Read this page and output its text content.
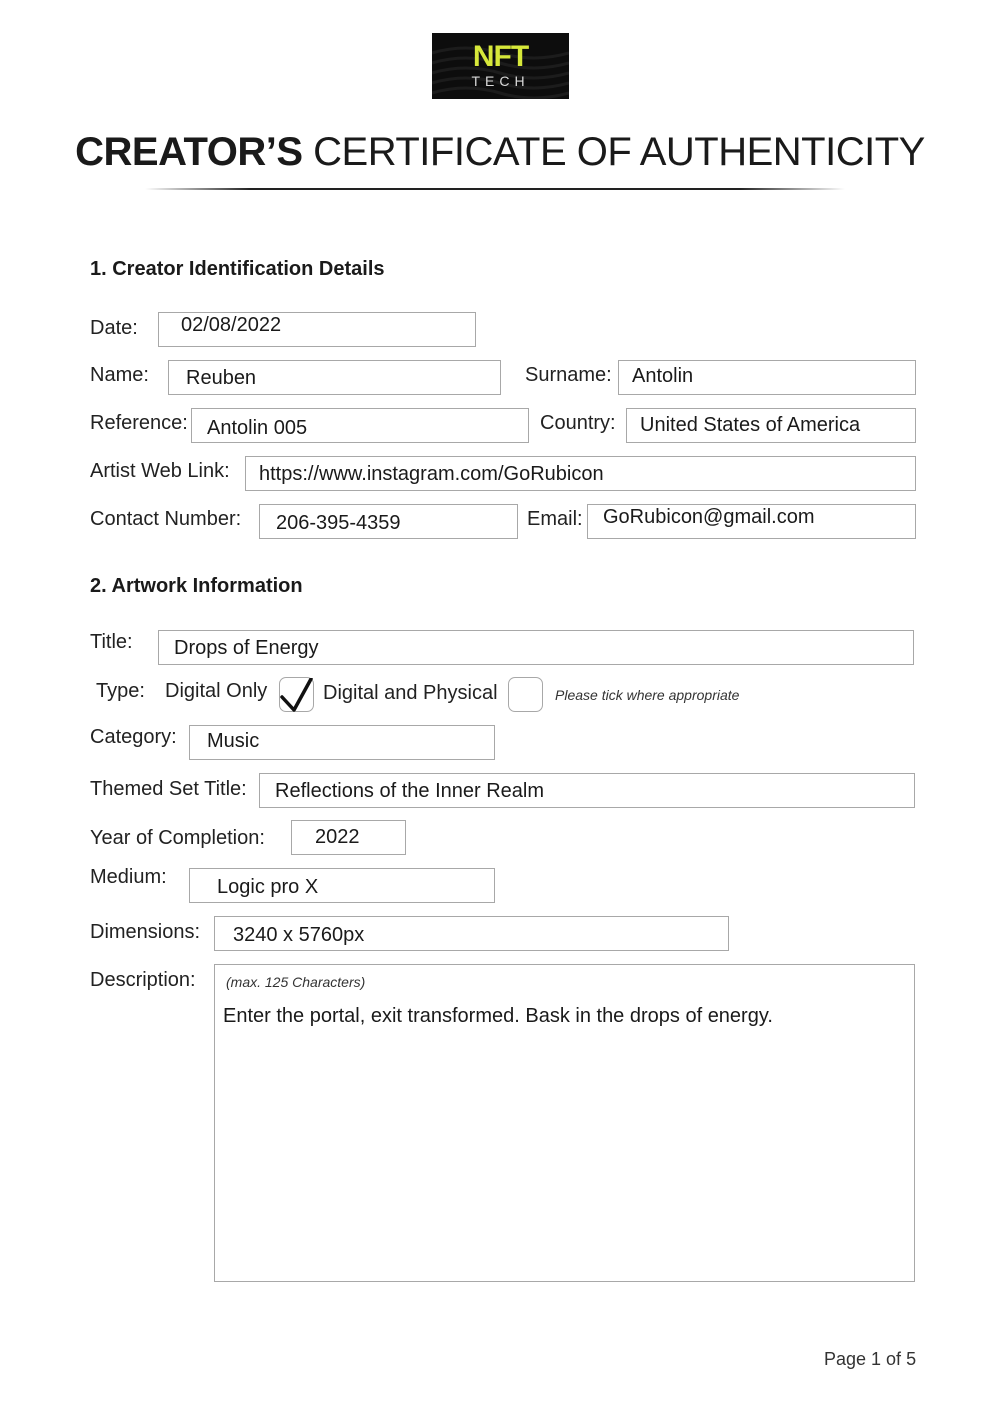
NFT
TECH
CREATOR’S CERTIFICATE OF AUTHENTICITY
1. Creator Identification Details
Date: 02/08/2022
Name: Reuben	Surname: Antolin
Reference: Antolin 005	Country: United States of America
Artist Web Link: https://www.instagram.com/GoRubicon
Contact Number: 206-395-4359	Email: GoRubicon@gmail.com
2. Artwork Information
Title: Drops of Energy
Type: Digital Only	Digital and Physical	Please tick where appropriate
Category: Music
Themed Set Title: Reflections of the Inner Realm
Year of Completion:	2022
Medium:	Logic pro X
Dimensions: 3240 x 5760px
Description: (max. 125 Characters)
Enter the portal, exit transformed. Bask in the drops of energy.
Page 1 of 5
